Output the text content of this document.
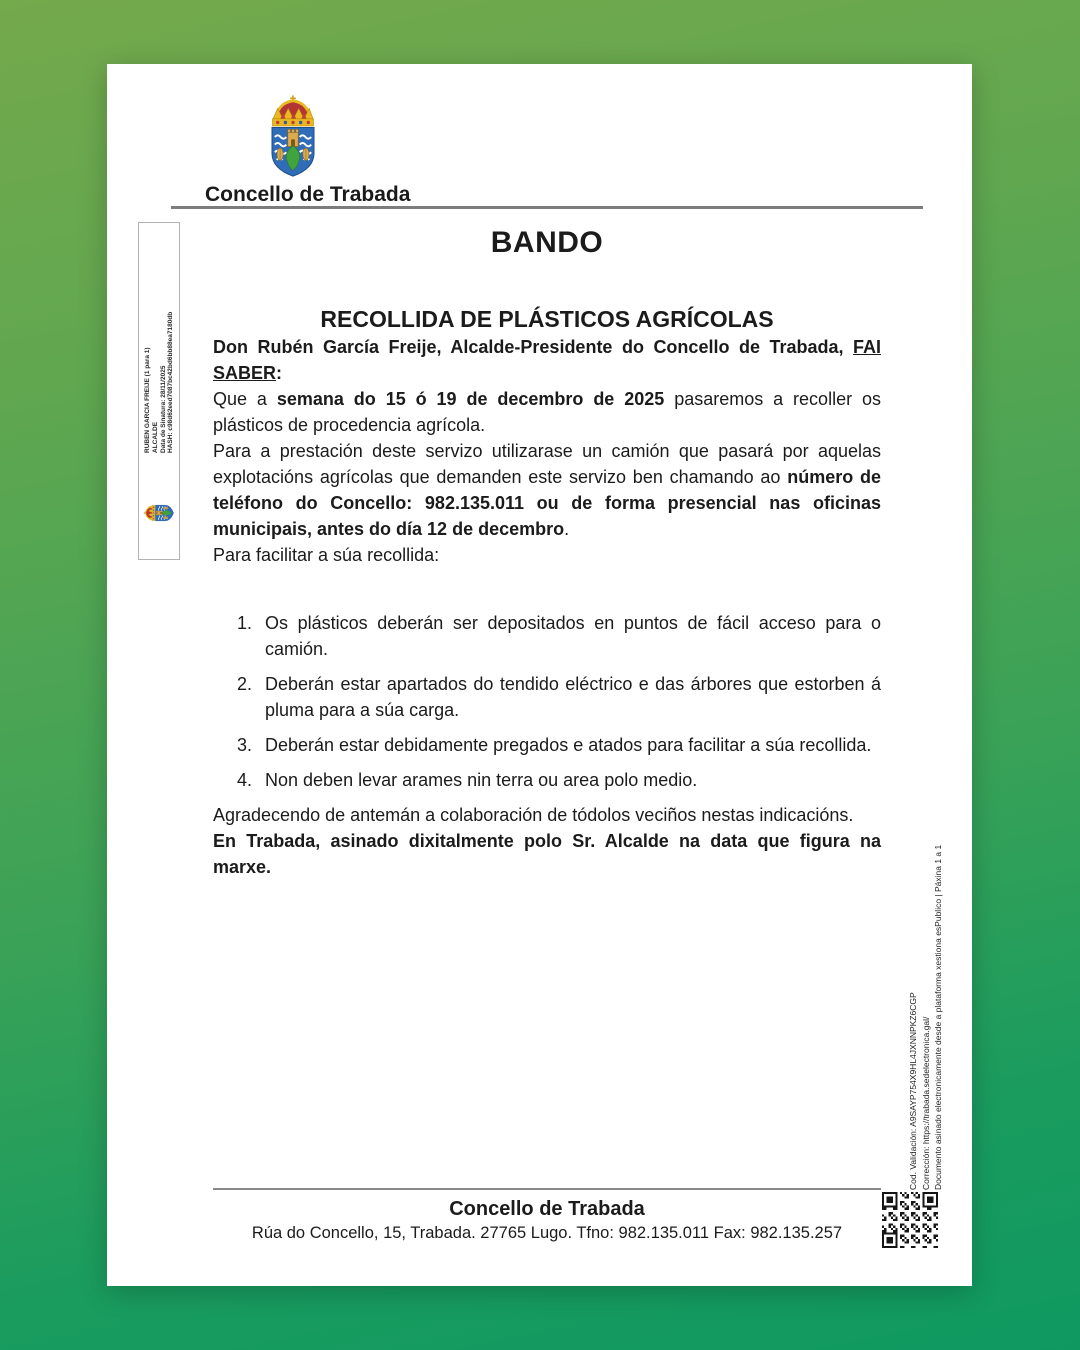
Concello de Trabada
RUBEN GARCIA FREIJE (1 para 1) ALCALDE Data de Sinatura: 28/11/2025 HASH: c98d62eed7087bc42bd6bb88ea7180db
BANDO
RECOLLIDA DE PLÁSTICOS AGRÍCOLAS

Don Rubén García Freije, Alcalde-Presidente do Concello de Trabada, FAI SABER:

Que a semana do 15 ó 19 de decembro de 2025 pasaremos a recoller os plásticos de procedencia agrícola.

Para a prestación deste servizo utilizarase un camión que pasará por aquelas explotacións agrícolas que demanden este servizo ben chamando ao número de teléfono do Concello: 982.135.011 ou de forma presencial nas oficinas municipais, antes do día 12 de decembro.

Para facilitar a súa recollida:

1. Os plásticos deberán ser depositados en puntos de fácil acceso para o camión.
2. Deberán estar apartados do tendido eléctrico e das árbores que estorben á pluma para a súa carga.
3. Deberán estar debidamente pregados e atados para facilitar a súa recollida.
4. Non deben levar arames nin terra ou area polo medio.

Agradecendo de antemán a colaboración de tódolos veciños nestas indicacións.

En Trabada, asinado dixitalmente polo Sr. Alcalde na data que figura na marxe.

Concello de Trabada
Rúa do Concello, 15, Trabada. 27765 Lugo. Tfno: 982.135.011 Fax: 982.135.257
Cod. Validación: A9SAYP754X9HL4JXNNPKZ6CGP Corrección: https://trabada.sedelectronica.gal/ Documento asinado electronicamente desde a plataforma xestiona esPublico | Páxina 1 a 1
